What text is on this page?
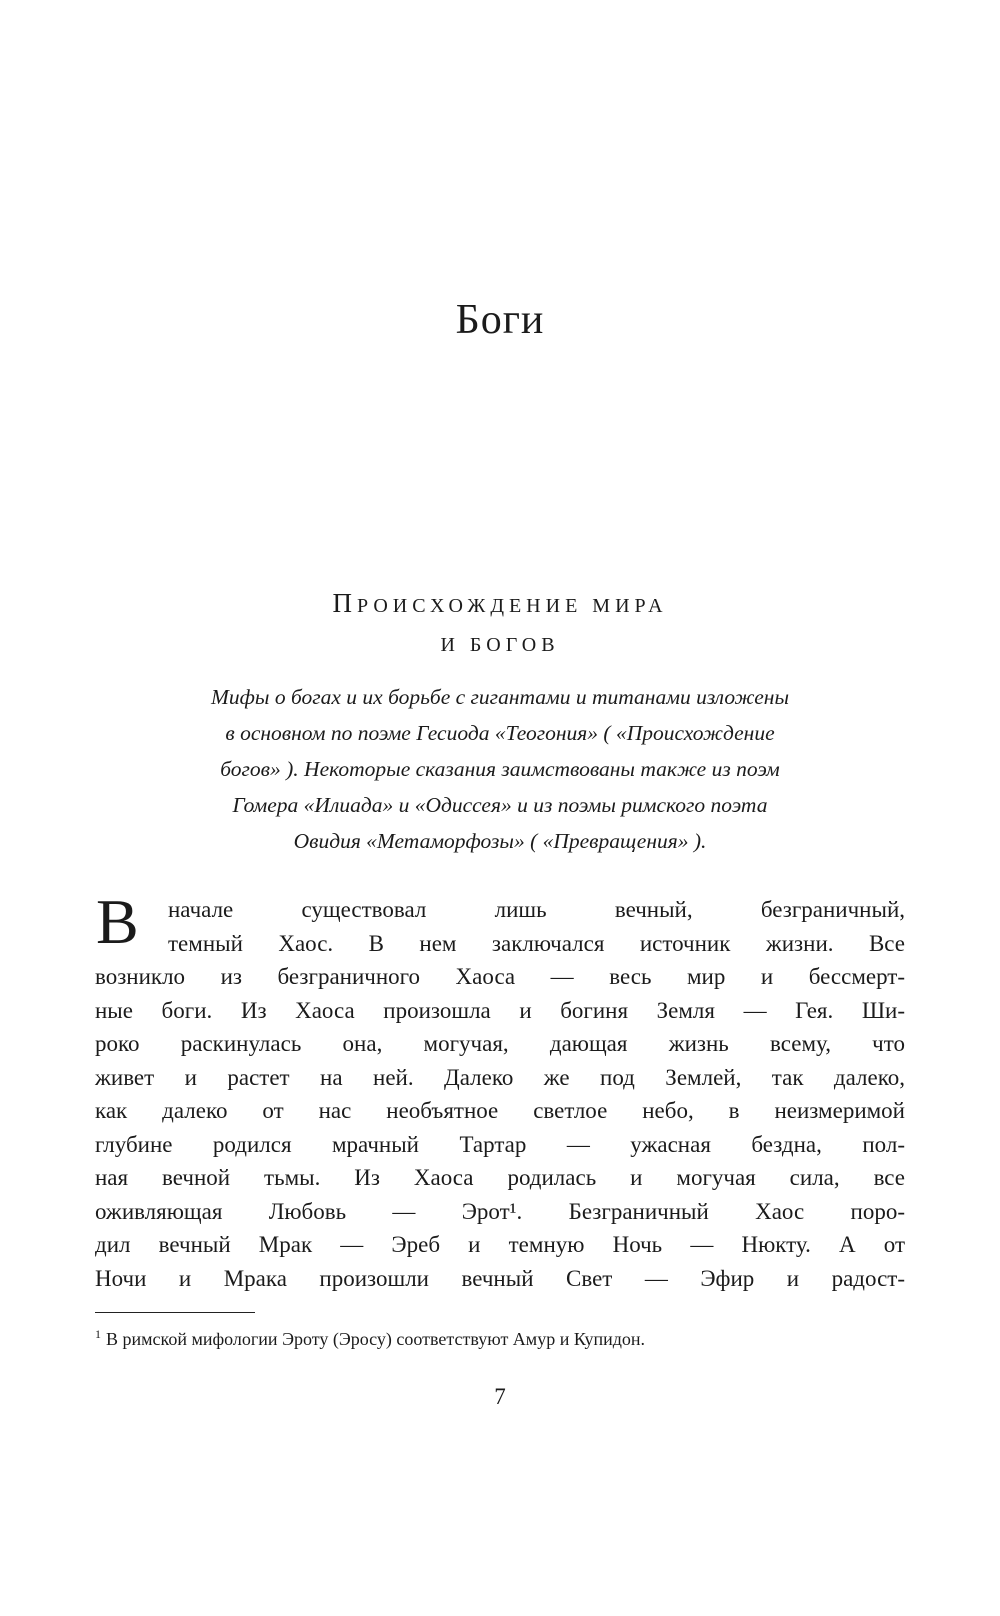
Боги
ПРОИСХОЖДЕНИЕ МИРА
И БОГОВ
Мифы о богах и их борьбе с гигантами и титанами изложены
в основном по поэме Гесиода «Теогония» ( «Происхождение
богов» ). Некоторые сказания заимствованы также из поэм
Гомера «Илиада» и «Одиссея» и из поэмы римского поэта
Овидия «Метаморфозы» ( «Превращения» ).
В начале существовал лишь вечный, безграничный,
темный Хаос. В нем заключался источник жизни. Все
возникло из безграничного Хаоса — весь мир и бессмерт-
ные боги. Из Хаоса произошла и богиня Земля — Гея. Ши-
роко раскинулась она, могучая, дающая жизнь всему, что
живет и растет на ней. Далеко же под Землей, так далеко,
как далеко от нас необъятное светлое небо, в неизмеримой
глубине родился мрачный Тартар — ужасная бездна, пол-
ная вечной тьмы. Из Хаоса родилась и могучая сила, все
оживляющая Любовь — Эрот¹. Безграничный Хаос поро-
дил вечный Мрак — Эреб и темную Ночь — Нюкту. А от
Ночи и Мрака произошли вечный Свет — Эфир и радост-
$^1$ В римской мифологии Эроту (Эросу) соответствуют Амур и Купидон.
7
